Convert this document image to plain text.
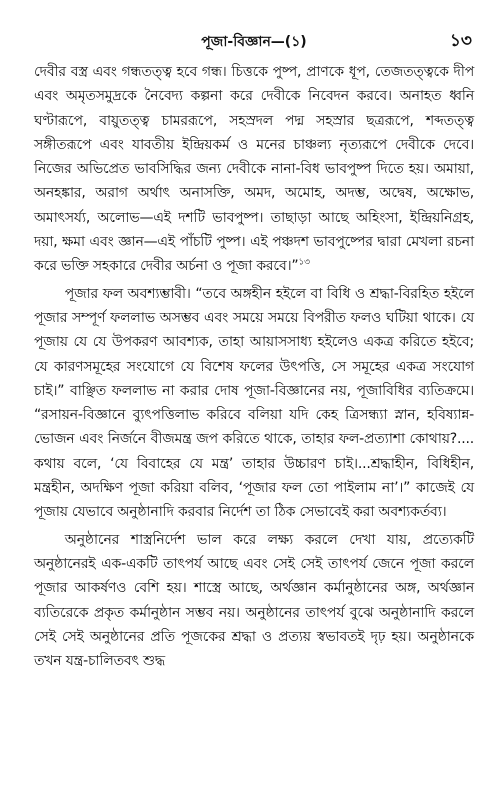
পূজা-বিজ্ঞান—(১)	১৩

দেবীর বস্ত্র এবং গন্ধতত্ত্ব হবে গন্ধ। চিত্তকে পুষ্প, প্রাণকে ধূপ, তেজতত্ত্বকে দীপ এবং অমৃতসমুদ্রকে নৈবেদ্য কল্পনা করে দেবীকে নিবেদন করবে। অনাহত ধ্বনি ঘণ্টারূপে, বায়ুতত্ত্ব চামররূপে, সহস্রদল পদ্ম সহস্রার ছত্ররূপে, শব্দতত্ত্ব সঙ্গীতরূপে এবং যাবতীয় ইন্দ্রিয়কর্ম ও মনের চাঞ্চল্য নৃত্যরূপে দেবীকে দেবে। নিজের অভিপ্রেত ভাবসিদ্ধির জন্য দেবীকে নানা-বিধ ভাবপুষ্প দিতে হয়। অমায়া, অনহঙ্কার, অরাগ অর্থাৎ অনাসক্তি, অমদ, অমোহ, অদম্ভ, অদ্বেষ, অক্ষোভ, অমাৎসর্য্য, অলোভ—এই দশটি ভাবপুষ্প। তাছাড়া আছে অহিংসা, ইন্দ্রিয়নিগ্রহ, দয়া, ক্ষমা এবং জ্ঞান—এই পাঁচটি পুষ্প। এই পঞ্চদশ ভাবপুষ্পের দ্বারা মেখলা রচনা করে ভক্তি সহকারে দেবীর অর্চনা ও পূজা করবে।”$^{১৩}$

পূজার ফল অবশ্যম্ভাবী। “তবে অঙ্গহীন হইলে বা বিধি ও শ্রদ্ধা-বিরহিত হইলে পূজার সম্পূর্ণ ফললাভ অসম্ভব এবং সময়ে সময়ে বিপরীত ফলও ঘটিয়া থাকে। যে পূজায় যে যে উপকরণ আবশ্যক, তাহা আয়াসসাধ্য হইলেও একত্র করিতে হইবে; যে কারণসমূহের সংযোগে যে বিশেষ ফলের উৎপত্তি, সে সমূহের একত্র সংযোগ চাই।” বাঞ্ছিত ফললাভ না করার দোষ পূজা-বিজ্ঞানের নয়, পূজাবিধির ব্যতিক্রমে। “রসায়ন-বিজ্ঞানে ব্যুৎপত্তিলাভ করিবে বলিয়া যদি কেহ ত্রিসন্ধ্যা স্নান, হবিষ্যান্ন-ভোজন এবং নির্জনে বীজমন্ত্র জপ করিতে থাকে, তাহার ফল-প্রত্যাশা কোথায়?.... কথায় বলে, ‘যে বিবাহের যে মন্ত্র’ তাহার উচ্চারণ চাই।...শ্রদ্ধাহীন, বিধিহীন, মন্ত্রহীন, অদক্ষিণ পূজা করিয়া বলিব, ‘পূজার ফল তো পাইলাম না’।” কাজেই যে পূজায় যেভাবে অনুষ্ঠানাদি করবার নির্দেশ তা ঠিক সেভাবেই করা অবশ্যকর্তব্য।

অনুষ্ঠানের শাস্ত্রনির্দেশ ভাল করে লক্ষ্য করলে দেখা যায়, প্রত্যেকটি অনুষ্ঠানেরই এক-একটি তাৎপর্য আছে এবং সেই সেই তাৎপর্য জেনে পূজা করলে পূজার আকর্ষণও বেশি হয়। শাস্ত্রে আছে, অর্থজ্ঞান কর্মানুষ্ঠানের অঙ্গ, অর্থজ্ঞান ব্যতিরেকে প্রকৃত কর্মানুষ্ঠান সম্ভব নয়। অনুষ্ঠানের তাৎপর্য বুঝে অনুষ্ঠানাদি করলে সেই সেই অনুষ্ঠানের প্রতি পূজকের শ্রদ্ধা ও প্রত্যয় স্বভাবতই দৃঢ় হয়। অনুষ্ঠানকে তখন যন্ত্র-চালিতবৎ শুদ্ধ
